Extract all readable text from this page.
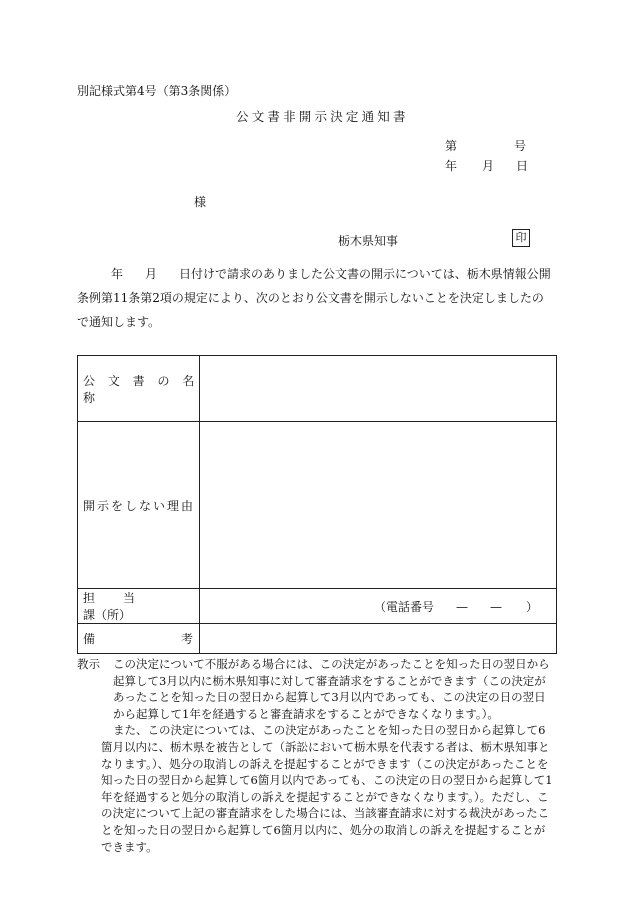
別記様式第4号（第3条関係）
公文書非開示決定通知書
第	号
年 月 日
様
栃木県知事	印
年 月 日付けで請求のありました公文書の開示については、栃木県情報公開条例第11条第2項の規定により、次のとおり公文書を開示しないことを決定しましたので通知します。
公 文 書 の 名 称	
開示をしない理由	
担 当課（所）	（電話番号 — — ）
備 考	
教示 この決定について不服がある場合には、この決定があったことを知った日の翌日から起算して3月以内に栃木県知事に対して審査請求をすることができます（この決定があったことを知った日の翌日から起算して3月以内であっても、この決定の日の翌日から起算して1年を経過すると審査請求をすることができなくなります。）。
また、この決定については、この決定があったことを知った日の翌日から起算して6箇月以内に、栃木県を被告として（訴訟において栃木県を代表する者は、栃木県知事となります。）、処分の取消しの訴えを提起することができます（この決定があったことを知った日の翌日から起算して6箇月以内であっても、この決定の日の翌日から起算して1年を経過すると処分の取消しの訴えを提起することができなくなります。）。ただし、この決定について上記の審査請求をした場合には、当該審査請求に対する裁決があったことを知った日の翌日から起算して6箇月以内に、処分の取消しの訴えを提起することができます。
